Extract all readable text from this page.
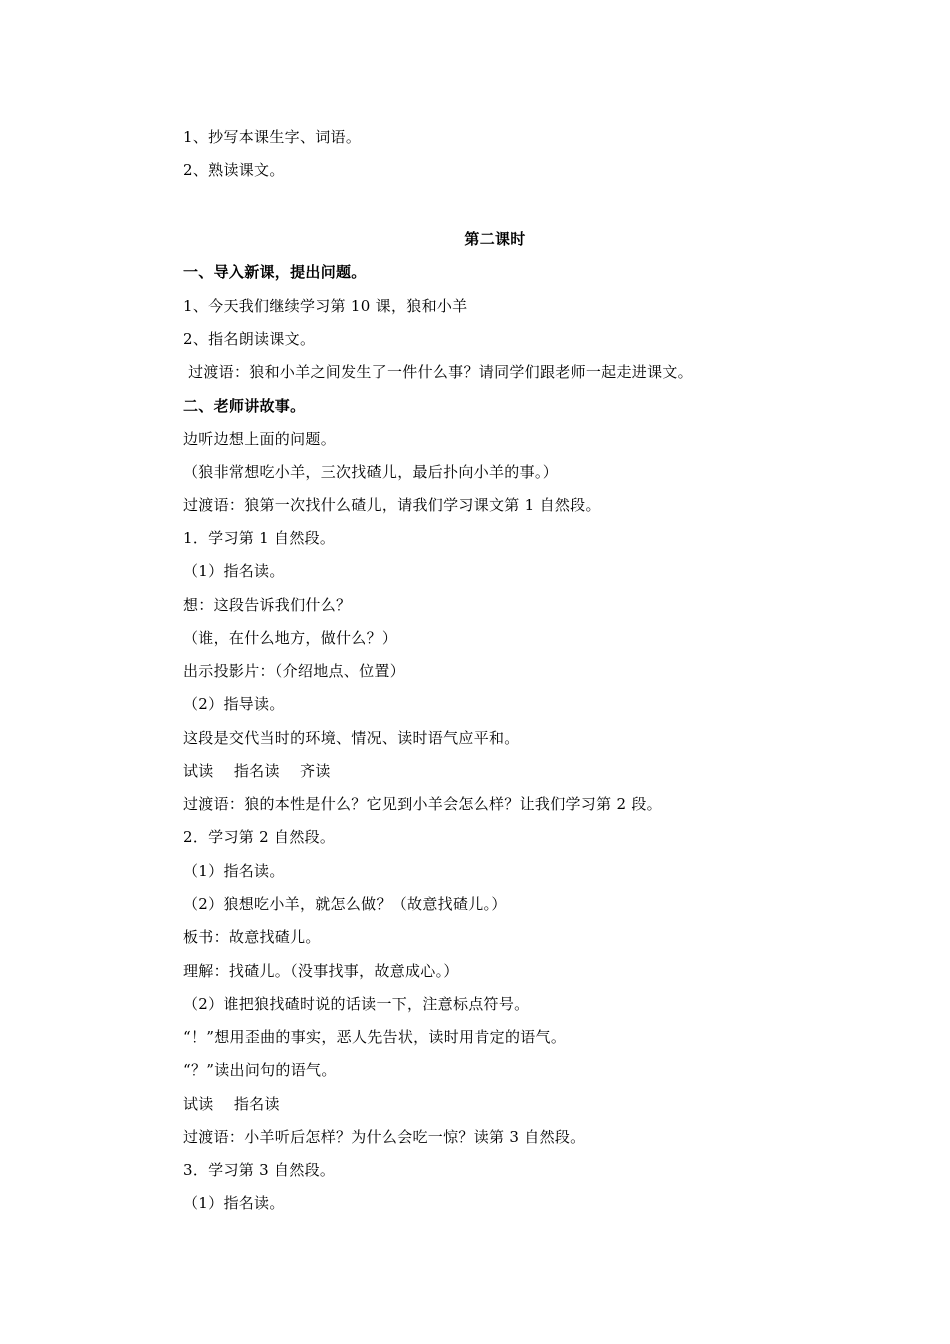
1、抄写本课生字、词语。
2、熟读课文。
第二课时
一、导入新课，提出问题。
1、今天我们继续学习第 10 课，狼和小羊
2、指名朗读课文。
过渡语：狼和小羊之间发生了一件什么事？请同学们跟老师一起走进课文。
二、老师讲故事。
边听边想上面的问题。
（狼非常想吃小羊，三次找碴儿，最后扑向小羊的事。）
过渡语：狼第一次找什么碴儿，请我们学习课文第 1 自然段。
1．学习第 1 自然段。
（1）指名读。
想：这段告诉我们什么？
（谁，在什么地方，做什么？）
出示投影片：（介绍地点、位置）
（2）指导读。
这段是交代当时的环境、情况、读时语气应平和。
试读    指名读    齐读
过渡语：狼的本性是什么？它见到小羊会怎么样？让我们学习第 2 段。
2．学习第 2 自然段。
（1）指名读。
（2）狼想吃小羊，就怎么做？（故意找碴儿。）
板书：故意找碴儿。
理解：找碴儿。（没事找事，故意成心。）
（2）谁把狼找碴时说的话读一下，注意标点符号。
“！”想用歪曲的事实，恶人先告状，读时用肯定的语气。
“？”读出问句的语气。
试读    指名读
过渡语：小羊听后怎样？为什么会吃一惊？读第 3 自然段。
3．学习第 3 自然段。
（1）指名读。
